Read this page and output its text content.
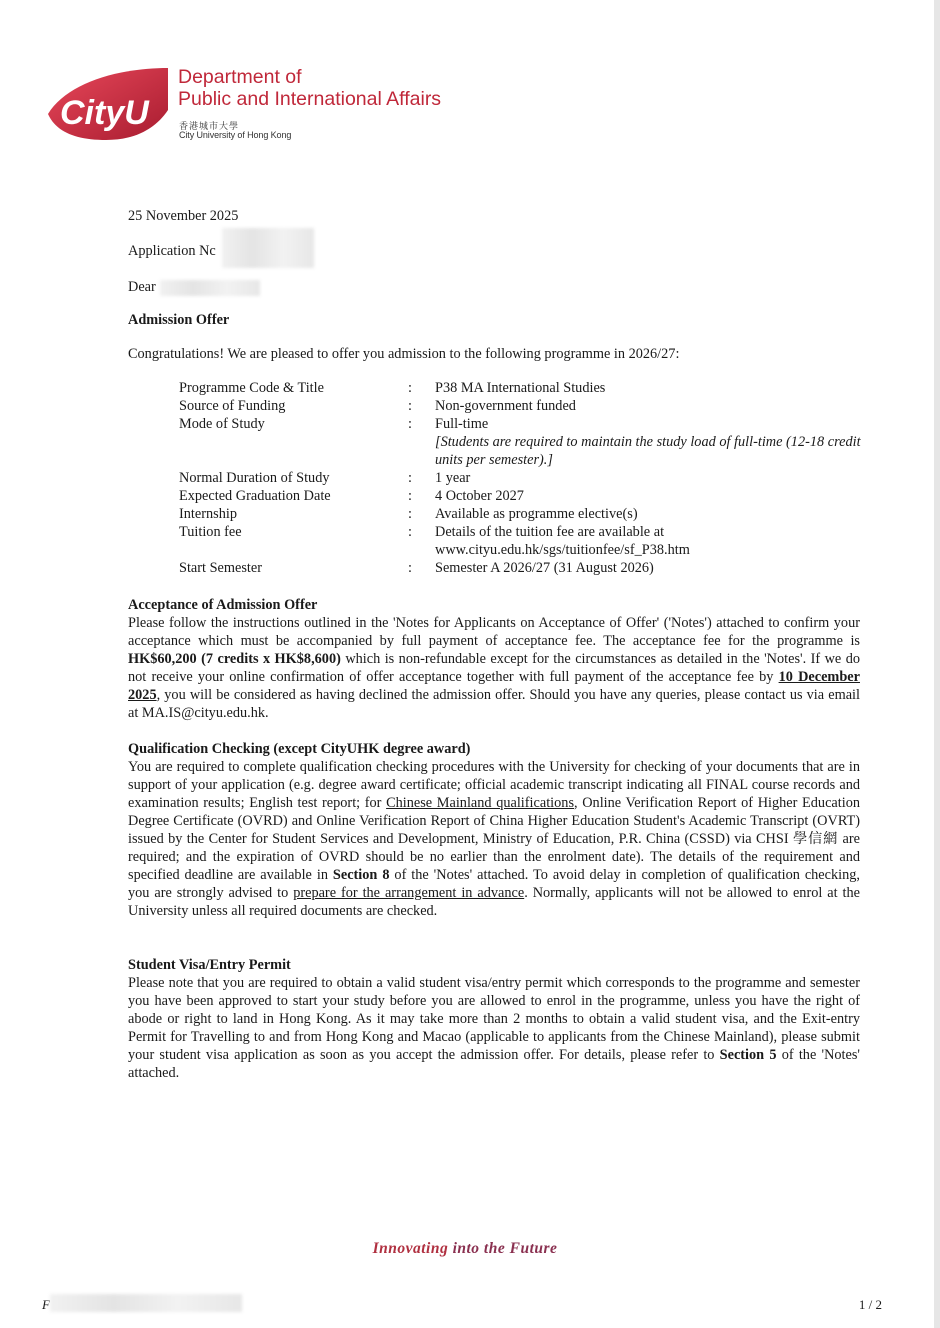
CityU
Department of
Public and International Affairs
香港城市大學
City University of Hong Kong
25 November 2025
Application Nc
Dear
Admission Offer
Congratulations! We are pleased to offer you admission to the following programme in 2026/27:
Programme Code & Title	: P38 MA International Studies
Source of Funding	: Non-government funded
Mode of Study	: Full-time
[Students are required to maintain the study load of full-time (12-18 credit units per semester).]
Normal Duration of Study	: 1 year
Expected Graduation Date	: 4 October 2027
Internship	: Available as programme elective(s)
Tuition fee	: Details of the tuition fee are available at www.cityu.edu.hk/sgs/tuitionfee/sf_P38.htm
Start Semester	: Semester A 2026/27 (31 August 2026)
Acceptance of Admission Offer
Please follow the instructions outlined in the 'Notes for Applicants on Acceptance of Offer' ('Notes') attached to confirm your acceptance which must be accompanied by full payment of acceptance fee. The acceptance fee for the programme is HK$60,200 (7 credits x HK$8,600) which is non-refundable except for the circumstances as detailed in the 'Notes'. If we do not receive your online confirmation of offer acceptance together with full payment of the acceptance fee by 10 December 2025, you will be considered as having declined the admission offer. Should you have any queries, please contact us via email at MA.IS@cityu.edu.hk.
Qualification Checking (except CityUHK degree award)
You are required to complete qualification checking procedures with the University for checking of your documents that are in support of your application (e.g. degree award certificate; official academic transcript indicating all FINAL course records and examination results; English test report; for Chinese Mainland qualifications, Online Verification Report of Higher Education Degree Certificate (OVRD) and Online Verification Report of China Higher Education Student's Academic Transcript (OVRT) issued by the Center for Student Services and Development, Ministry of Education, P.R. China (CSSD) via CHSI 學信網 are required; and the expiration of OVRD should be no earlier than the enrolment date). The details of the requirement and specified deadline are available in Section 8 of the 'Notes' attached. To avoid delay in completion of qualification checking, you are strongly advised to prepare for the arrangement in advance. Normally, applicants will not be allowed to enrol at the University unless all required documents are checked.
Student Visa/Entry Permit
Please note that you are required to obtain a valid student visa/entry permit which corresponds to the programme and semester you have been approved to start your study before you are allowed to enrol in the programme, unless you have the right of abode or right to land in Hong Kong. As it may take more than 2 months to obtain a valid student visa, and the Exit-entry Permit for Travelling to and from Hong Kong and Macao (applicable to applicants from the Chinese Mainland), please submit your student visa application as soon as you accept the admission offer. For details, please refer to Section 5 of the 'Notes' attached.
Innovating into the Future
F	1 / 2
